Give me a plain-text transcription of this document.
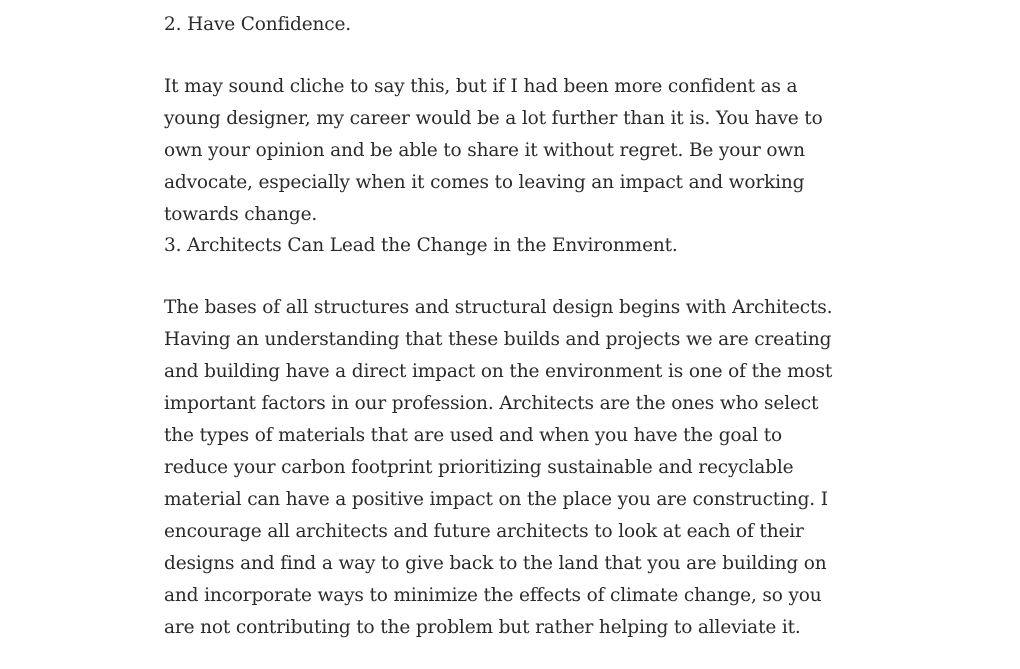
2. Have Confidence.

It may sound cliche to say this, but if I had been more confident as a young designer, my career would be a lot further than it is. You have to own your opinion and be able to share it without regret. Be your own advocate, especially when it comes to leaving an impact and working towards change.

3. Architects Can Lead the Change in the Environment.

The bases of all structures and structural design begins with Architects. Having an understanding that these builds and projects we are creating and building have a direct impact on the environment is one of the most important factors in our profession. Architects are the ones who select the types of materials that are used and when you have the goal to reduce your carbon footprint prioritizing sustainable and recyclable material can have a positive impact on the place you are constructing. I encourage all architects and future architects to look at each of their designs and find a way to give back to the land that you are building on and incorporate ways to minimize the effects of climate change, so you are not contributing to the problem but rather helping to alleviate it.
